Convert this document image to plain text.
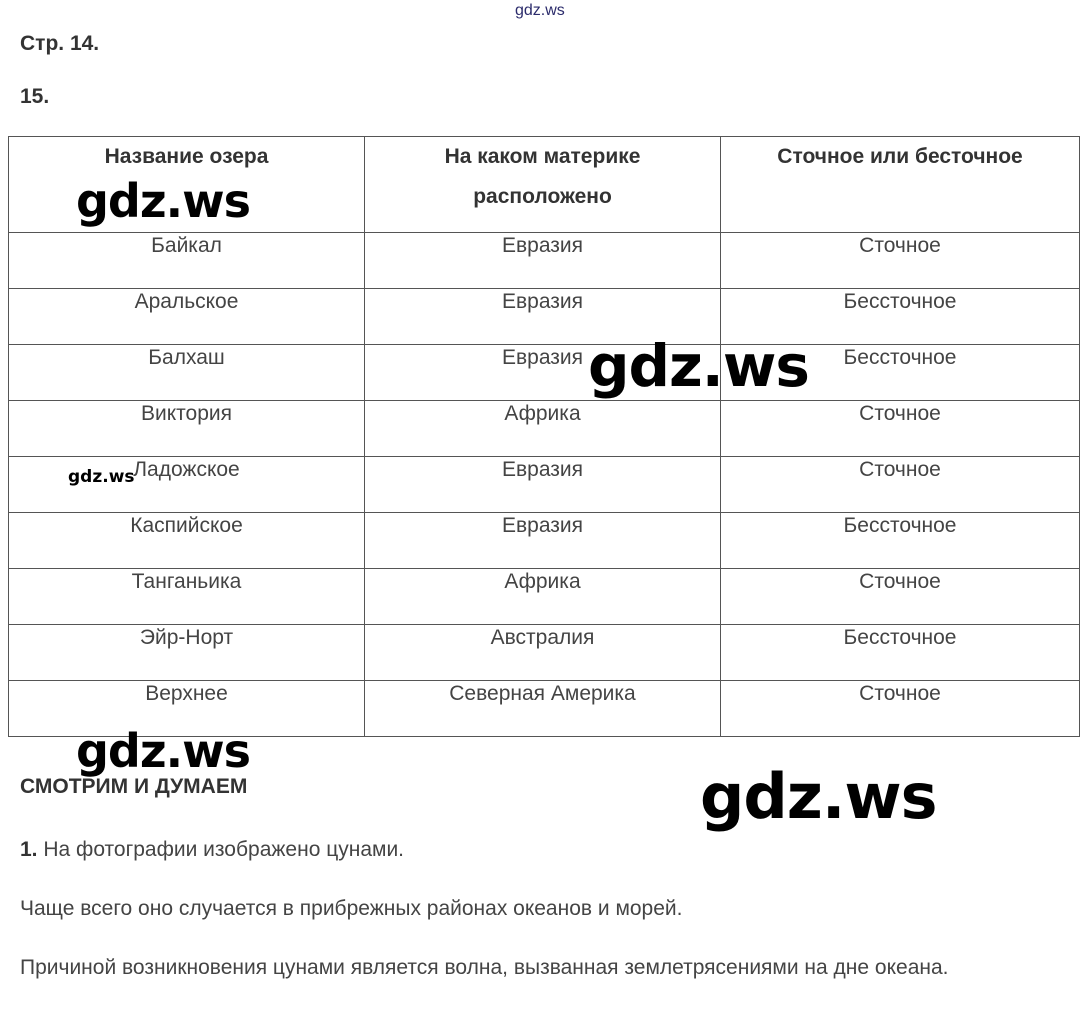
gdz.ws
Стр. 14.
15.
Название озера	На каком материке расположено	Сточное или бесточное
Байкал	Евразия	Сточное
Аральское	Евразия	Бессточное
Балхаш	Евразия	Бессточное
Виктория	Африка	Сточное
Ладожское	Евразия	Сточное
Каспийское	Евразия	Бессточное
Танганьика	Африка	Сточное
Эйр-Норт	Австралия	Бессточное
Верхнее	Северная Америка	Сточное
gdz.ws
gdz.ws
gdz.ws
gdz.ws
gdz.ws
СМОТРИМ И ДУМАЕМ
1. На фотографии изображено цунами.
Чаще всего оно случается в прибрежных районах океанов и морей.
Причиной возникновения цунами является волна, вызванная землетрясениями на дне океана.
